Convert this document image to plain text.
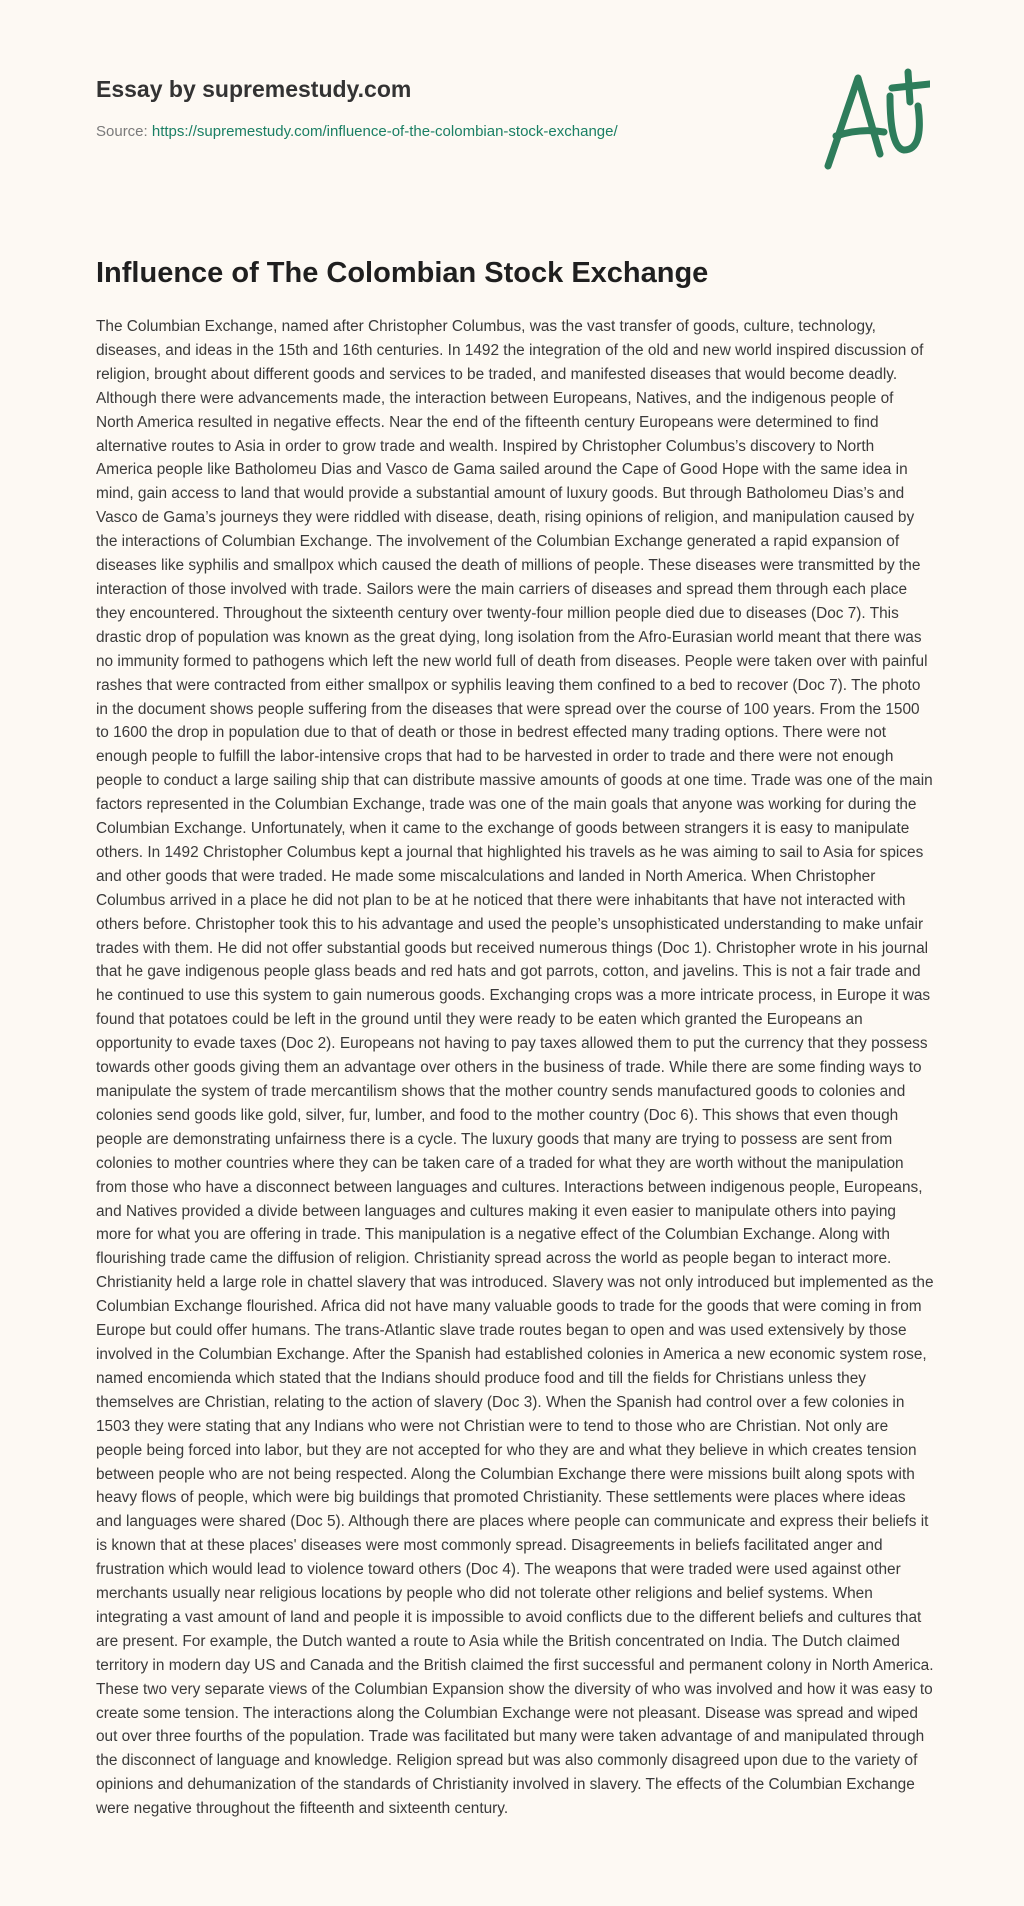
Essay by supremestudy.com
Source: https://supremestudy.com/influence-of-the-colombian-stock-exchange/
Influence of The Colombian Stock Exchange

The Columbian Exchange, named after Christopher Columbus, was the vast transfer of goods, culture, technology, diseases, and ideas in the 15th and 16th centuries. In 1492 the integration of the old and new world inspired discussion of religion, brought about different goods and services to be traded, and manifested diseases that would become deadly. Although there were advancements made, the interaction between Europeans, Natives, and the indigenous people of North America resulted in negative effects. Near the end of the fifteenth century Europeans were determined to find alternative routes to Asia in order to grow trade and wealth. Inspired by Christopher Columbus’s discovery to North America people like Batholomeu Dias and Vasco de Gama sailed around the Cape of Good Hope with the same idea in mind, gain access to land that would provide a substantial amount of luxury goods. But through Batholomeu Dias’s and Vasco de Gama’s journeys they were riddled with disease, death, rising opinions of religion, and manipulation caused by the interactions of Columbian Exchange. The involvement of the Columbian Exchange generated a rapid expansion of diseases like syphilis and smallpox which caused the death of millions of people. These diseases were transmitted by the interaction of those involved with trade. Sailors were the main carriers of diseases and spread them through each place they encountered. Throughout the sixteenth century over twenty-four million people died due to diseases (Doc 7). This drastic drop of population was known as the great dying, long isolation from the Afro-Eurasian world meant that there was no immunity formed to pathogens which left the new world full of death from diseases. People were taken over with painful rashes that were contracted from either smallpox or syphilis leaving them confined to a bed to recover (Doc 7). The photo in the document shows people suffering from the diseases that were spread over the course of 100 years. From the 1500 to 1600 the drop in population due to that of death or those in bedrest effected many trading options. There were not enough people to fulfill the labor-intensive crops that had to be harvested in order to trade and there were not enough people to conduct a large sailing ship that can distribute massive amounts of goods at one time. Trade was one of the main factors represented in the Columbian Exchange, trade was one of the main goals that anyone was working for during the Columbian Exchange. Unfortunately, when it came to the exchange of goods between strangers it is easy to manipulate others. In 1492 Christopher Columbus kept a journal that highlighted his travels as he was aiming to sail to Asia for spices and other goods that were traded. He made some miscalculations and landed in North America. When Christopher Columbus arrived in a place he did not plan to be at he noticed that there were inhabitants that have not interacted with others before. Christopher took this to his advantage and used the people’s unsophisticated understanding to make unfair trades with them. He did not offer substantial goods but received numerous things (Doc 1). Christopher wrote in his journal that he gave indigenous people glass beads and red hats and got parrots, cotton, and javelins. This is not a fair trade and he continued to use this system to gain numerous goods. Exchanging crops was a more intricate process, in Europe it was found that potatoes could be left in the ground until they were ready to be eaten which granted the Europeans an opportunity to evade taxes (Doc 2). Europeans not having to pay taxes allowed them to put the currency that they possess towards other goods giving them an advantage over others in the business of trade. While there are some finding ways to manipulate the system of trade mercantilism shows that the mother country sends manufactured goods to colonies and colonies send goods like gold, silver, fur, lumber, and food to the mother country (Doc 6). This shows that even though people are demonstrating unfairness there is a cycle. The luxury goods that many are trying to possess are sent from colonies to mother countries where they can be taken care of a traded for what they are worth without the manipulation from those who have a disconnect between languages and cultures. Interactions between indigenous people, Europeans, and Natives provided a divide between languages and cultures making it even easier to manipulate others into paying more for what you are offering in trade. This manipulation is a negative effect of the Columbian Exchange. Along with flourishing trade came the diffusion of religion. Christianity spread across the world as people began to interact more. Christianity held a large role in chattel slavery that was introduced. Slavery was not only introduced but implemented as the Columbian Exchange flourished. Africa did not have many valuable goods to trade for the goods that were coming in from Europe but could offer humans. The trans-Atlantic slave trade routes began to open and was used extensively by those involved in the Columbian Exchange. After the Spanish had established colonies in America a new economic system rose, named encomienda which stated that the Indians should produce food and till the fields for Christians unless they themselves are Christian, relating to the action of slavery (Doc 3). When the Spanish had control over a few colonies in 1503 they were stating that any Indians who were not Christian were to tend to those who are Christian. Not only are people being forced into labor, but they are not accepted for who they are and what they believe in which creates tension between people who are not being respected. Along the Columbian Exchange there were missions built along spots with heavy flows of people, which were big buildings that promoted Christianity. These settlements were places where ideas and languages were shared (Doc 5). Although there are places where people can communicate and express their beliefs it is known that at these places' diseases were most commonly spread. Disagreements in beliefs facilitated anger and frustration which would lead to violence toward others (Doc 4). The weapons that were traded were used against other merchants usually near religious locations by people who did not tolerate other religions and belief systems. When integrating a vast amount of land and people it is impossible to avoid conflicts due to the different beliefs and cultures that are present. For example, the Dutch wanted a route to Asia while the British concentrated on India. The Dutch claimed territory in modern day US and Canada and the British claimed the first successful and permanent colony in North America. These two very separate views of the Columbian Expansion show the diversity of who was involved and how it was easy to create some tension. The interactions along the Columbian Exchange were not pleasant. Disease was spread and wiped out over three fourths of the population. Trade was facilitated but many were taken advantage of and manipulated through the disconnect of language and knowledge. Religion spread but was also commonly disagreed upon due to the variety of opinions and dehumanization of the standards of Christianity involved in slavery. The effects of the Columbian Exchange were negative throughout the fifteenth and sixteenth century.
